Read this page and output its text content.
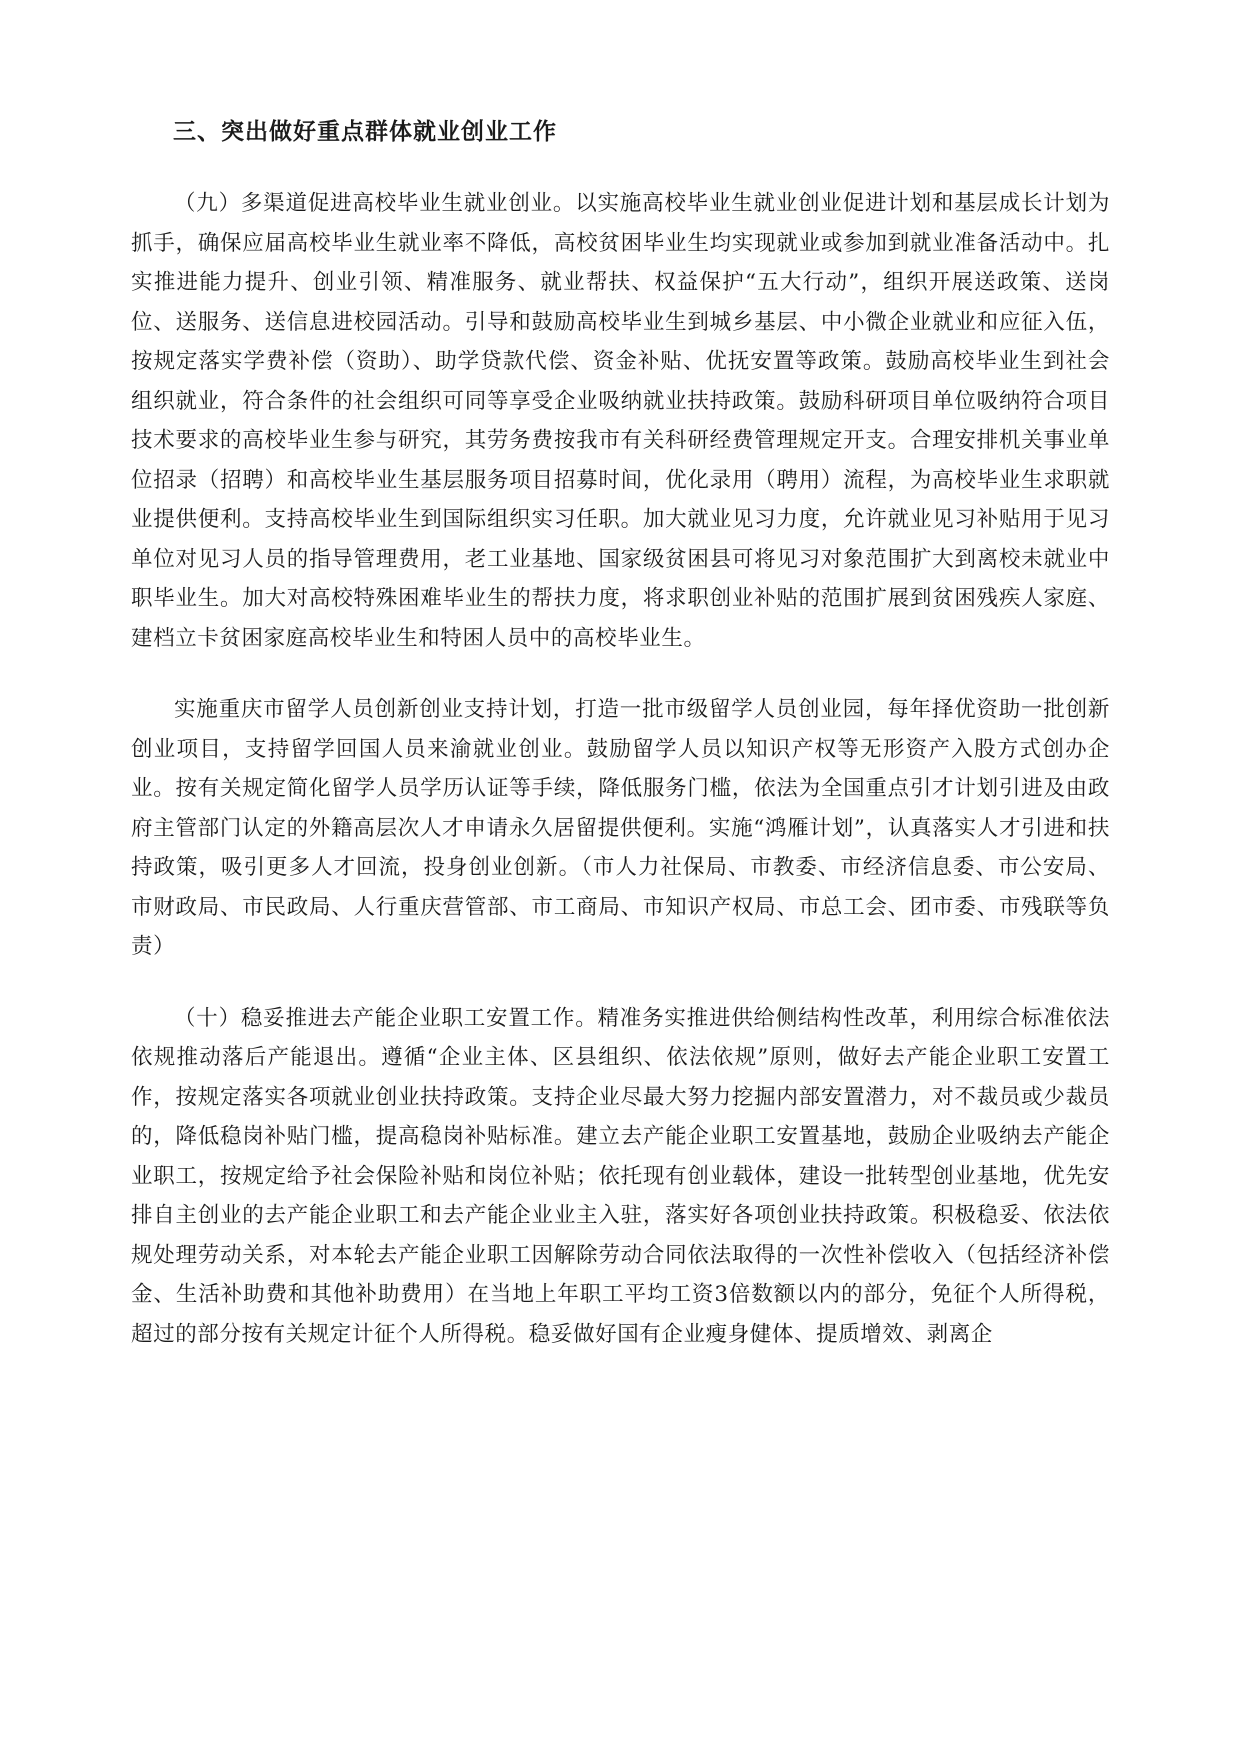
三、突出做好重点群体就业创业工作

（九）多渠道促进高校毕业生就业创业。以实施高校毕业生就业创业促进计划和基层成长计划为抓手，确保应届高校毕业生就业率不降低，高校贫困毕业生均实现就业或参加到就业准备活动中。扎实推进能力提升、创业引领、精准服务、就业帮扶、权益保护“五大行动”，组织开展送政策、送岗位、送服务、送信息进校园活动。引导和鼓励高校毕业生到城乡基层、中小微企业就业和应征入伍，按规定落实学费补偿（资助）、助学贷款代偿、资金补贴、优抚安置等政策。鼓励高校毕业生到社会组织就业，符合条件的社会组织可同等享受企业吸纳就业扶持政策。鼓励科研项目单位吸纳符合项目技术要求的高校毕业生参与研究，其劳务费按我市有关科研经费管理规定开支。合理安排机关事业单位招录（招聘）和高校毕业生基层服务项目招募时间，优化录用（聘用）流程，为高校毕业生求职就业提供便利。支持高校毕业生到国际组织实习任职。加大就业见习力度，允许就业见习补贴用于见习单位对见习人员的指导管理费用，老工业基地、国家级贫困县可将见习对象范围扩大到离校未就业中职毕业生。加大对高校特殊困难毕业生的帮扶力度，将求职创业补贴的范围扩展到贫困残疾人家庭、建档立卡贫困家庭高校毕业生和特困人员中的高校毕业生。

实施重庆市留学人员创新创业支持计划，打造一批市级留学人员创业园，每年择优资助一批创新创业项目，支持留学回国人员来渝就业创业。鼓励留学人员以知识产权等无形资产入股方式创办企业。按有关规定简化留学人员学历认证等手续，降低服务门槛，依法为全国重点引才计划引进及由政府主管部门认定的外籍高层次人才申请永久居留提供便利。实施“鸿雁计划”，认真落实人才引进和扶持政策，吸引更多人才回流，投身创业创新。（市人力社保局、市教委、市经济信息委、市公安局、市财政局、市民政局、人行重庆营管部、市工商局、市知识产权局、市总工会、团市委、市残联等负责）

（十）稳妥推进去产能企业职工安置工作。精准务实推进供给侧结构性改革，利用综合标准依法依规推动落后产能退出。遵循“企业主体、区县组织、依法依规”原则，做好去产能企业职工安置工作，按规定落实各项就业创业扶持政策。支持企业尽最大努力挖掘内部安置潜力，对不裁员或少裁员的，降低稳岗补贴门槛，提高稳岗补贴标准。建立去产能企业职工安置基地，鼓励企业吸纳去产能企业职工，按规定给予社会保险补贴和岗位补贴；依托现有创业载体，建设一批转型创业基地，优先安排自主创业的去产能企业职工和去产能企业业主入驻，落实好各项创业扶持政策。积极稳妥、依法依规处理劳动关系，对本轮去产能企业职工因解除劳动合同依法取得的一次性补偿收入（包括经济补偿金、生活补助费和其他补助费用）在当地上年职工平均工资3倍数额以内的部分，免征个人所得税，超过的部分按有关规定计征个人所得税。稳妥做好国有企业瘦身健体、提质增效、剥离企
